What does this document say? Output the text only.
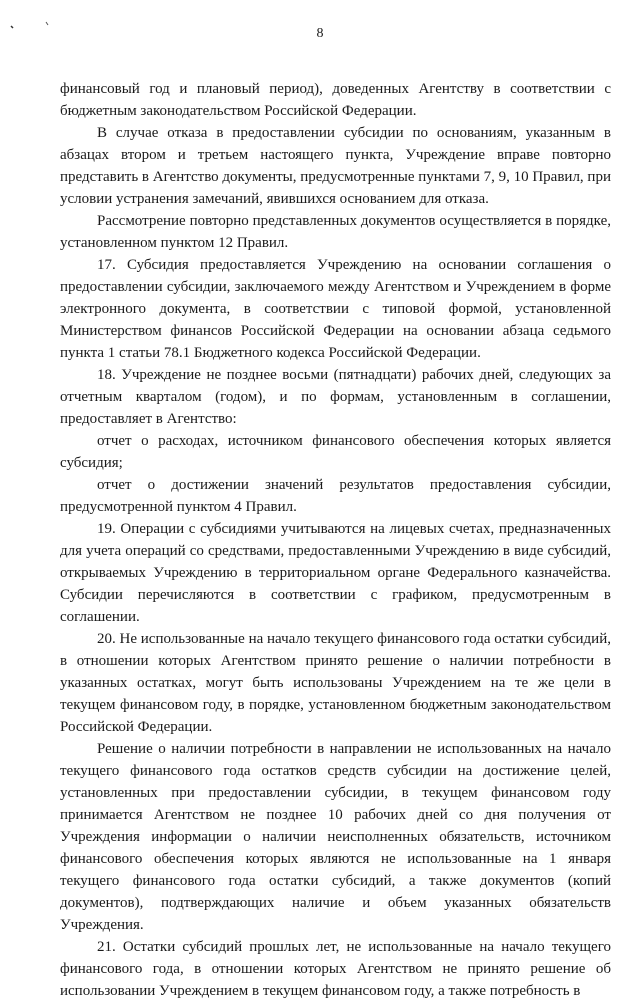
8

финансовый год и плановый период), доведенных Агентству в соответствии с бюджетным законодательством Российской Федерации.

В случае отказа в предоставлении субсидии по основаниям, указанным в абзацах втором и третьем настоящего пункта, Учреждение вправе повторно представить в Агентство документы, предусмотренные пунктами 7, 9, 10 Правил, при условии устранения замечаний, явившихся основанием для отказа.

Рассмотрение повторно представленных документов осуществляется в порядке, установленном пунктом 12 Правил.

17. Субсидия предоставляется Учреждению на основании соглашения о предоставлении субсидии, заключаемого между Агентством и Учреждением в форме электронного документа, в соответствии с типовой формой, установленной Министерством финансов Российской Федерации на основании абзаца седьмого пункта 1 статьи 78.1 Бюджетного кодекса Российской Федерации.

18. Учреждение не позднее восьми (пятнадцати) рабочих дней, следующих за отчетным кварталом (годом), и по формам, установленным в соглашении, предоставляет в Агентство:

отчет о расходах, источником финансового обеспечения которых является субсидия;

отчет о достижении значений результатов предоставления субсидии, предусмотренной пунктом 4 Правил.

19. Операции с субсидиями учитываются на лицевых счетах, предназначенных для учета операций со средствами, предоставленными Учреждению в виде субсидий, открываемых Учреждению в территориальном органе Федерального казначейства. Субсидии перечисляются в соответствии с графиком, предусмотренным в соглашении.

20. Не использованные на начало текущего финансового года остатки субсидий, в отношении которых Агентством принято решение о наличии потребности в указанных остатках, могут быть использованы Учреждением на те же цели в текущем финансовом году, в порядке, установленном бюджетным законодательством Российской Федерации.

Решение о наличии потребности в направлении не использованных на начало текущего финансового года остатков средств субсидии на достижение целей, установленных при предоставлении субсидии, в текущем финансовом году принимается Агентством не позднее 10 рабочих дней со дня получения от Учреждения информации о наличии неисполненных обязательств, источником финансового обеспечения которых являются не использованные на 1 января текущего финансового года остатки субсидий, а также документов (копий документов), подтверждающих наличие и объем указанных обязательств Учреждения.

21. Остатки субсидий прошлых лет, не использованные на начало текущего финансового года, в отношении которых Агентством не принято решение об использовании Учреждением в текущем финансовом году, а также потребность в
